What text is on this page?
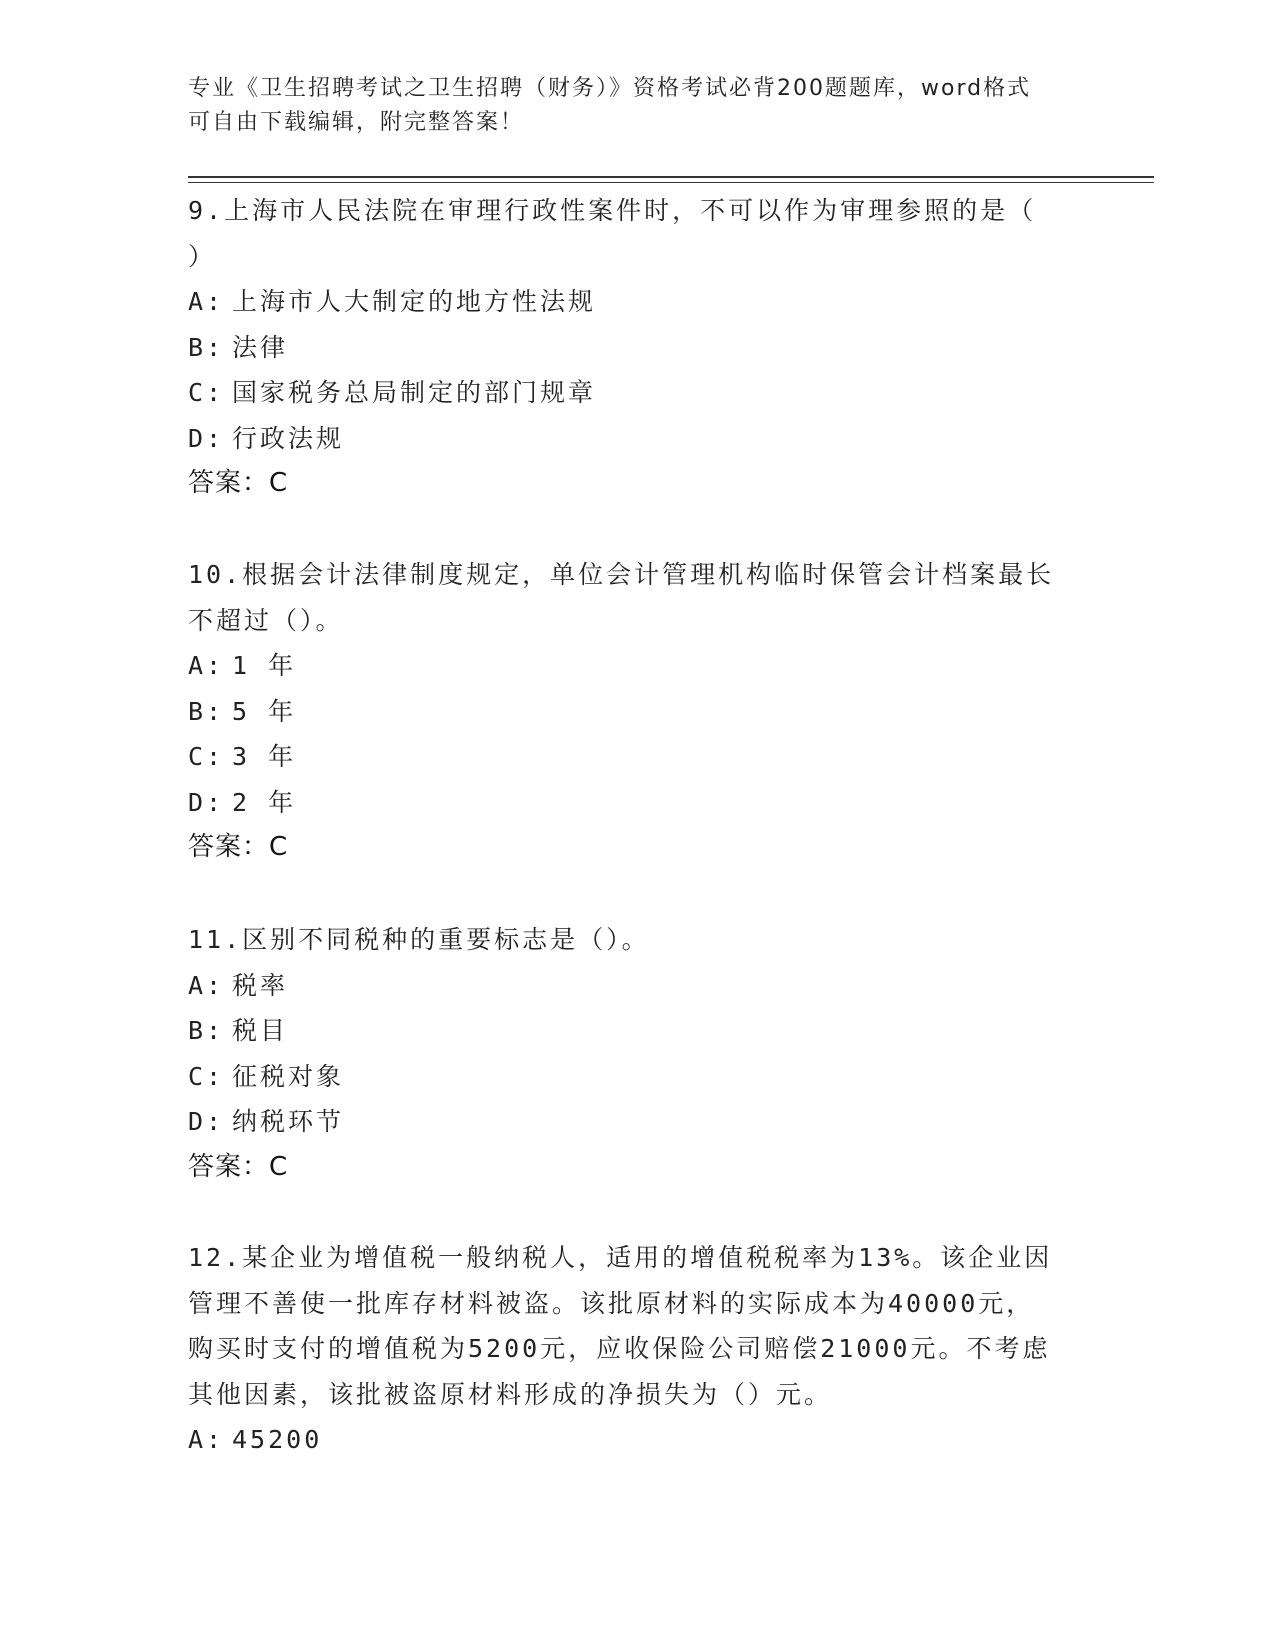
专业《卫生招聘考试之卫生招聘（财务）》资格考试必背200题题库，word格式
可自由下载编辑，附完整答案！
9.上海市人民法院在审理行政性案件时，不可以作为审理参照的是（
）
A: 上海市人大制定的地方性法规
B: 法律
C: 国家税务总局制定的部门规章
D: 行政法规
答案：C
10.根据会计法律制度规定，单位会计管理机构临时保管会计档案最长
不超过（）。
A: 1 年
B: 5 年
C: 3 年
D: 2 年
答案：C
11.区别不同税种的重要标志是（）。
A: 税率
B: 税目
C: 征税对象
D: 纳税环节
答案：C
12.某企业为增值税一般纳税人，适用的增值税税率为13%。该企业因
管理不善使一批库存材料被盗。该批原材料的实际成本为40000元，
购买时支付的增值税为5200元，应收保险公司赔偿21000元。不考虑
其他因素，该批被盗原材料形成的净损失为（）元。
A: 45200
